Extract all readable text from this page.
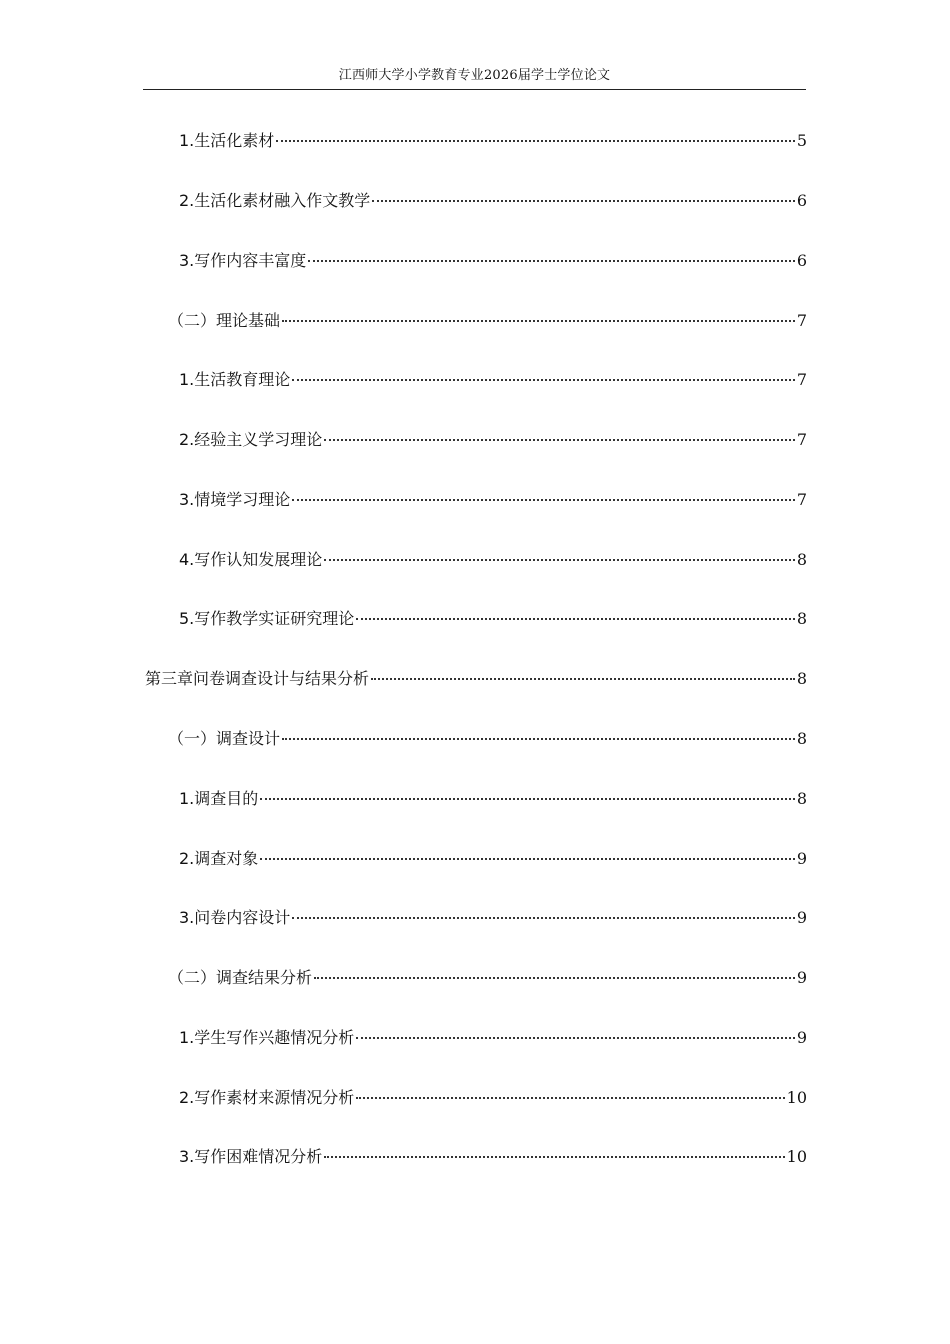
江西师大学小学教育专业2026届学士学位论文
1.生活化素材	5
2.生活化素材融入作文教学	6
3.写作内容丰富度	6
（二）理论基础	7
1.生活教育理论	7
2.经验主义学习理论	7
3.情境学习理论	7
4.写作认知发展理论	8
5.写作教学实证研究理论	8
第三章问卷调查设计与结果分析	8
（一）调查设计	8
1.调查目的	8
2.调查对象	9
3.问卷内容设计	9
（二）调查结果分析	9
1.学生写作兴趣情况分析	9
2.写作素材来源情况分析	10
3.写作困难情况分析	10
